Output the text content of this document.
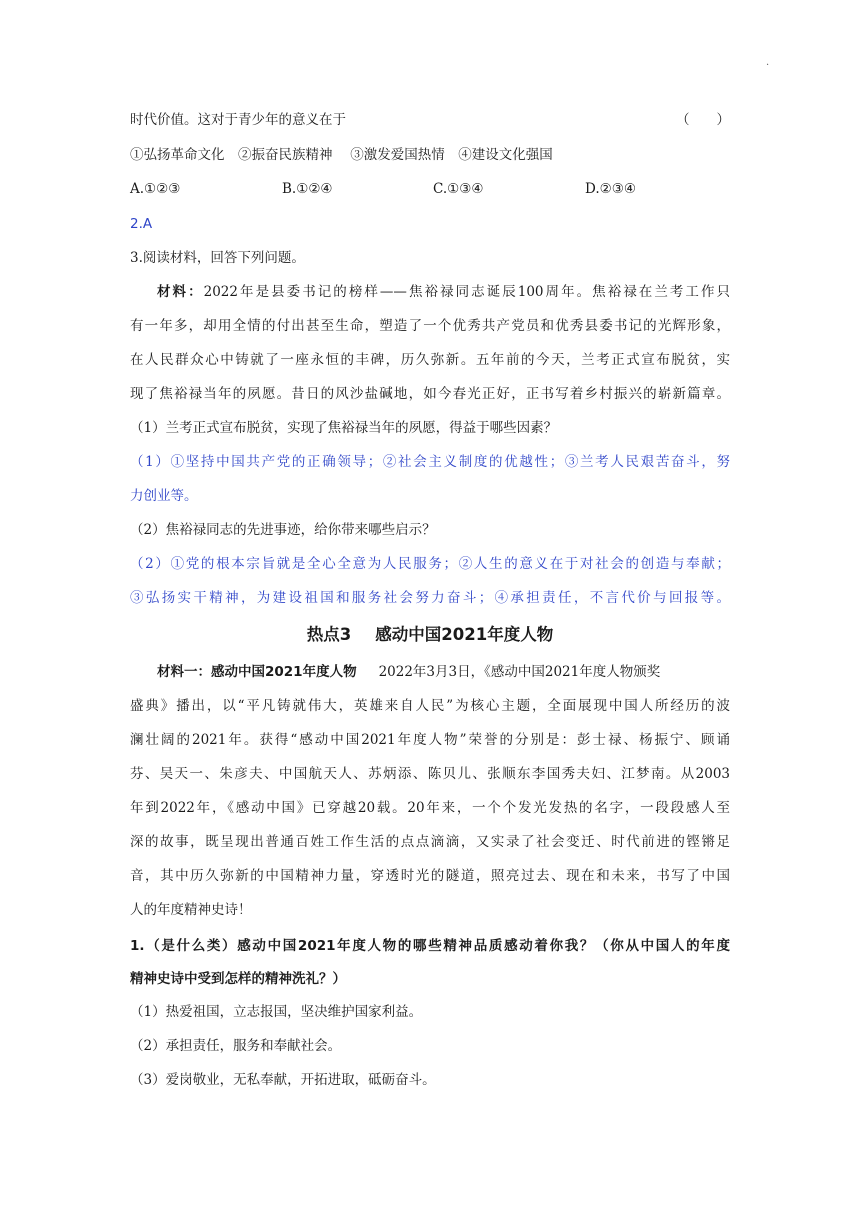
·
时代价值。这对于青少年的意义在于	（　　）
①弘扬革命文化　②振奋民族精神　 ③激发爱国热情　④建设文化强国
A.①②③	B.①②④	C.①③④	D.②③④
2.A
3.阅读材料，回答下列问题。
材料：2022年是县委书记的榜样——焦裕禄同志诞辰100周年。焦裕禄在兰考工作只
有一年多，却用全情的付出甚至生命，塑造了一个优秀共产党员和优秀县委书记的光辉形象，
在人民群众心中铸就了一座永恒的丰碑，历久弥新。五年前的今天，兰考正式宣布脱贫，实
现了焦裕禄当年的夙愿。昔日的风沙盐碱地，如今春光正好，正书写着乡村振兴的崭新篇章。
（1）兰考正式宣布脱贫，实现了焦裕禄当年的夙愿，得益于哪些因素？
（1）①坚持中国共产党的正确领导；②社会主义制度的优越性；③兰考人民艰苦奋斗，努
力创业等。
（2）焦裕禄同志的先进事迹，给你带来哪些启示？
（2）①党的根本宗旨就是全心全意为人民服务；②人生的意义在于对社会的创造与奉献；
③弘扬实干精神，为建设祖国和服务社会努力奋斗；④承担责任，不言代价与回报等。
热点3 感动中国2021年度人物
材料一：感动中国2021年度人物 2022年3月3日，《感动中国2021年度人物颁奖
盛典》播出，以“平凡铸就伟大，英雄来自人民”为核心主题，全面展现中国人所经历的波
澜壮阔的2021年。获得“感动中国2021年度人物”荣誉的分别是：彭士禄、杨振宁、顾诵
芬、吴天一、朱彦夫、中国航天人、苏炳添、陈贝儿、张顺东李国秀夫妇、江梦南。从2003
年到2022年，《感动中国》已穿越20载。20年来，一个个发光发热的名字，一段段感人至
深的故事，既呈现出普通百姓工作生活的点点滴滴，又实录了社会变迁、时代前进的铿锵足
音，其中历久弥新的中国精神力量，穿透时光的隧道，照亮过去、现在和未来，书写了中国
人的年度精神史诗！
1.（是什么类）感动中国2021年度人物的哪些精神品质感动着你我？（你从中国人的年度
精神史诗中受到怎样的精神洗礼？）
（1）热爱祖国，立志报国，坚决维护国家利益。
（2）承担责任，服务和奉献社会。
（3）爱岗敬业，无私奉献，开拓进取，砥砺奋斗。
